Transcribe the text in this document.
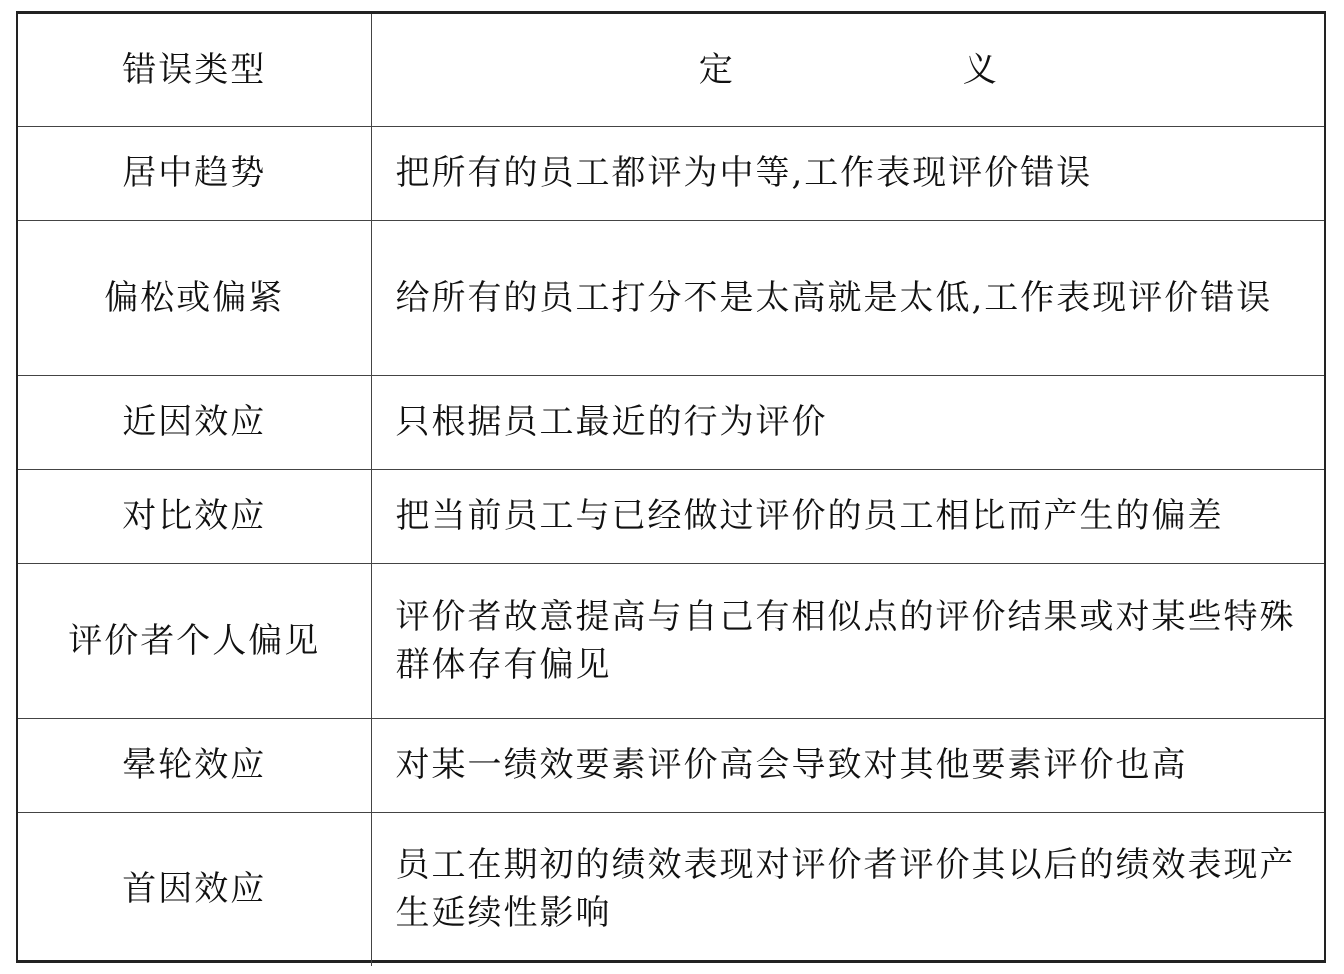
错误类型	定 义
居中趋势	把所有的员工都评为中等,工作表现评价错误
偏松或偏紧	给所有的员工打分不是太高就是太低,工作表现评价错误
近因效应	只根据员工最近的行为评价
对比效应	把当前员工与已经做过评价的员工相比而产生的偏差
评价者个人偏见	评价者故意提高与自己有相似点的评价结果或对某些特殊群体存有偏见
晕轮效应	对某一绩效要素评价高会导致对其他要素评价也高
首因效应	员工在期初的绩效表现对评价者评价其以后的绩效表现产生延续性影响
